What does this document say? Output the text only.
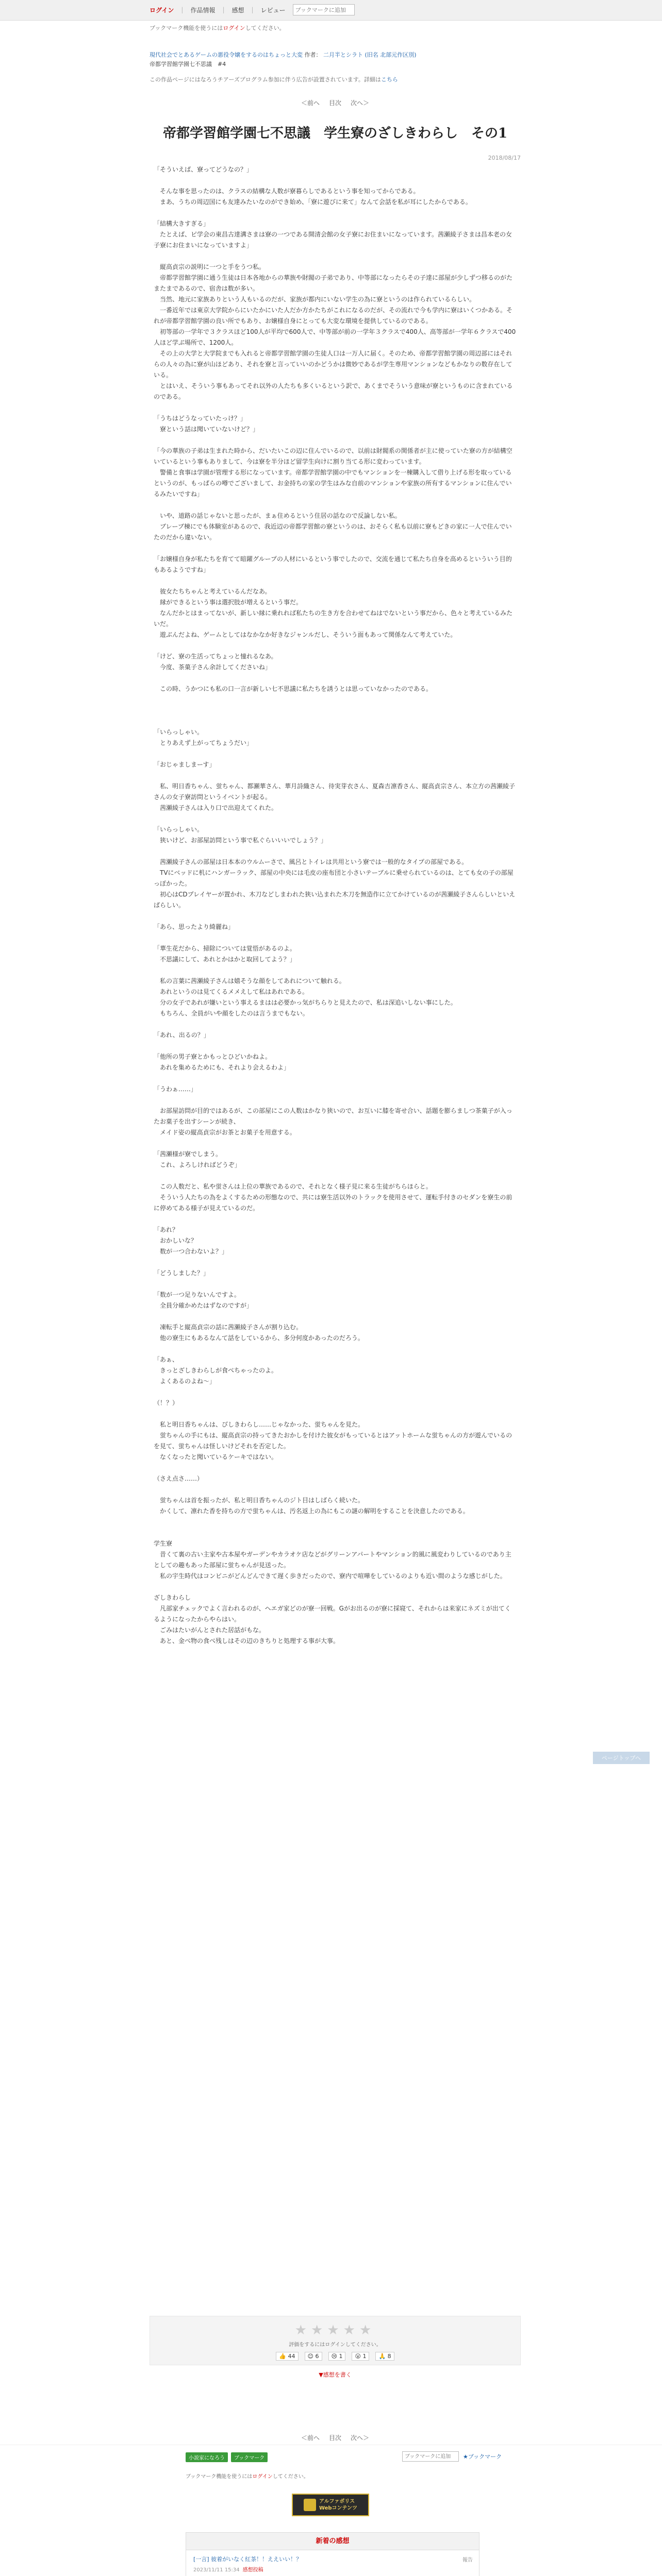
ログイン | 作品情報 | 感想 | レビュー
ブックマークに追加
ブックマーク機能を使うにはログインしてください。
現代社会でとあるゲームの悪役令嬢をするのはちょっと大変 作者： 二月半とシラト (旧名 北部元作区別)
帝都学習館学園七不思議　#4
この作品ページにはなろうチアーズプログラム参加に伴う広告が設置されています。詳細はこちら
＜前へ 目次 次へ＞
帝都学習館学園七不思議　学生寮のざしきわらし　その1
2018/08/17

「そういえば、寮ってどうなの？」

　そんな事を思ったのは、クラスの結構な人数が寮暮らしであるという事を知ってからである。

　まあ、うちの周辺国にも友達みたいなのができ始め、「寮に遊びに来て」なんて会話を私が耳にしたからである。

「結構大きすぎる」

　たとえば、ピ学会の東昌古達溝さまは寮の一つである開清会館の女子寮にお住まいになっています。茜瀬綾子さまは昌本老の女子寮にお住まいになっていますよ」

　縦高貞宗の説明に一つと手をうつ私。

　帝都学習館学園に通う生徒は日本各地からの華族や財閥の子弟であり、中等部になったらその子達に部屋が少しずつ移るのがたまたまであるので、宿舎は数が多い。

　当然、地元に家族ありという人もいるのだが、家族が都内にいない学生の為に寮というのは作られているらしい。

　一番近年では東京大学院からにいたかにいた人だか方かたちがこれになるのだが、その流れで今も学内に寮はいくつかある。それが帝都学習館学園の良い所でもあり、お嬢様自身にとっても大変な環境を提供しているのである。

　初等部の一学年で３クラスほど100人が平均で600人で、中等部が前の一学年３クラスで400人、高等部が一学年６クラスで400人ほど学ぶ場所で、1200人。

　その上の大学と大学院までも入れると帝都学習館学園の生徒人口は一万人に届く。そのため、帝都学習館学園の周辺部にはそれらの人々の為に寮が山ほどあり、それを寮と言っていいのかどうかは微妙であるが学生専用マンションなどもかなりの数存在している。

　とはいえ、そういう事もあってそれ以外の人たちも多くいるという訳で、あくまでそういう意味が寮というものに含まれているのである。

「うちはどうなっていたっけ？」

　寮という話は聞いていないけど？」

「今の華族の子弟は生まれた時から、だいたいこの辺に住んでいるので、以前は財閥系の関係者が主に使っていた寮の方が結構空いているという事もありまして、今は寮を半分ほど留学生向けに割り当てる形に変わっています。

　警備と食事は学園が管理する形になっています。帝都学習館学園の中でもマンションを一棟購入して借り上げる形を取っているというのが、もっぱらの噂でございまして、お金持ちの家の学生はみな自前のマンションや家族の所有するマンションに住んでいるみたいですね」

　いや、道路の話じゃないと思ったが、まぁ住めるという住居の話なので反論しない私。

　ブレーブ棟にでも体験室があるので、我近辺の帝都学習館の寮というのは、おそらく私も以前に寮もどきの家に一人で住んでいたのだから違いない。

「お嬢様自身が私たちを育てて暗躍グループの人材にいるという事でしたので、交流を通じて私たち自身を高めるといういう目的もあるようですね」

　彼女たちちゃんと考えているんだなあ。

　縁ができるという事は選択肢が増えるという事だ。

　なんだかとはまってないが、新しい縁に乗れれば私たちの生き方を合わせてねはでないという事だから、色々と考えているみたいだ。

　遊ぶんだよね、ゲームとしてはなかなか好きなジャンルだし、そういう面もあって関係なんて考えていた。

「けど、寮の生活ってちょっと憧れるなあ。

　今度、茶菓子さん余計してくださいね」

　この時、うかつにも私の口一言が新しい七不思議に私たちを誘うとは思っていなかったのである。

「いらっしゃい。

　とりあえず上がってちょうだい」

「おじゃましまーす」

　私、明日香ちゃん、蛍ちゃん、都瀬華さん、華月詩織さん、待実芽衣さん、夏森吉凛香さん、縦高貞宗さん、本立方の茜瀬綾子さんの女子寮訪問というイベントが起る。

　茜瀬綾子さんは入り口で出迎えてくれた。

「いらっしゃい。

　狭いけど、お部屋訪問という事で私ぐらいいいでしょう？」

　茜瀬綾子さんの部屋は日本本のウルムーさで、風呂とトイレは共用という寮では一般的なタイプの部屋である。

　TVにベッドに机にハンガーラック、部屋の中央には毛皮の座布団と小さいテーブルに乗せられているのは、とても女の子の部屋っぽかった。

　初心はCDプレイヤーが置かれ、木刀などしまわれた狭い込まれた木刀を無造作に立てかけているのが茜瀬綾子さんらしいといえばらしい。

「あら、思ったより綺麗ね」

「華生花だから、掃除については覚悟があるのよ。

　不思議にして、あれとかはかと取回してよう？」

　私の言葉に茜瀬綾子さんは嬉そうな顔をしてあれについて触れる。

　あれというのは見てくるメメえして私はあれである。

　分の女子であれが嫌いという事えるまはは必要かっ気がちらりと見えたので、私は深追いしない事にした。

　もちろん、全員がいや顔をしたのは言うまでもない。

「あれ、出るの？」

「他所の男子寮とかもっとひどいかねよ。

　あれを集めるためにも、それより会えるわよ」

「うわぁ……」

　お部屋訪問が目的ではあるが、この部屋にこの人数はかなり狭いので、お互いに膝を寄せ合い、話題を膨らましつ茶菓子が入ったお菓子を出すシーンが続き、

　メイド姿の縦高貞宗がお茶とお菓子を用意する。

「茜瀬様が寮でしまう。

　これ、よろしければどうぞ」

　この人数だと、私や蛍さんは上位の華族であるので、それとなく様子見に来る生徒がちらほらと。

　そういう人たちの為をよくするための形態なので、共には寮生活以外のトラックを使用させて、運転手付きのセダンを寮生の前に停めてある様子が見えているのだ。

「あれ？

　おかしいな？

　数が一つ合わないよ？」

「どうしました？」

「数が一つ足りないんですよ。

　全員分確かめたはずなのですが」

　凍転手と縦高貞宗の話に茜瀬綾子さんが割り込む。

　他の寮生にもあるなんて話をしているから、多分何度かあったのだろう。

「あぁ、

　きっとざしきわらしが食べちゃったのよ。

　よくあるのよね～」

（！？）

　私と明日香ちゃんは、びしきわらし……じゃなかった、蛍ちゃんを見た。

　蛍ちゃんの手にもは、縦高貞宗の持ってきたおかしを付けた彼女がもっているとはアットホームな蛍ちゃんの方が遊んでいるのを見て、蛍ちゃんは怪しいけどそれを否定した。

　なくなったと聞いているケーキではない。

（さえ点さ……）

　蛍ちゃんは首を振ったが、私と明日香ちゃんのジト目はしばらく続いた。

　かくして、凛れた香を持ちの方で蛍ちゃんは、汚名返上の為にもこの謎の解明をすることを決意したのである。

学生寮

　昔くて裏の古い主家や古本屋やガーデンやカラオケ店などがグリーンアパートやマンション的風に風変わりしているのであり主としての趣もあった部屋に蛍ちゃんが見送った。

　私の宇生時代はコンビニがどんどんできて遅く歩きだったので、寮内で喧嘩をしているのよりも近い間のような感じがした。

ざしきわらし

　凡部家チェックでよく言われるのが、ヘエガ家どのが寮一回戦。Gがお出るのが寮に採寝て、それからは来家にネズミが出てくるようになったからやらはい。

　ごみはたいがんとされた居話がもな。

　あと、金べ物の食べ残しはその辺のきちりと処理する事が大事。

ページトップへ
★★★★★
評価をするにはログインしてください。
👍 44	😊 6	😢 1	😮 1	🙏 8
▼感想を書く
＜前へ 目次 次へ＞
小説家になろう	ブックマーク
ブックマークに追加	★ブックマーク
ブックマーク機能を使うにはログインしてください。
アルファポリス
Webコンテンツ
新着の感想
[一言] 彼着がいなく紅茶！！ええいい！？
2023/11/11 15:34 感想投稿
報告
